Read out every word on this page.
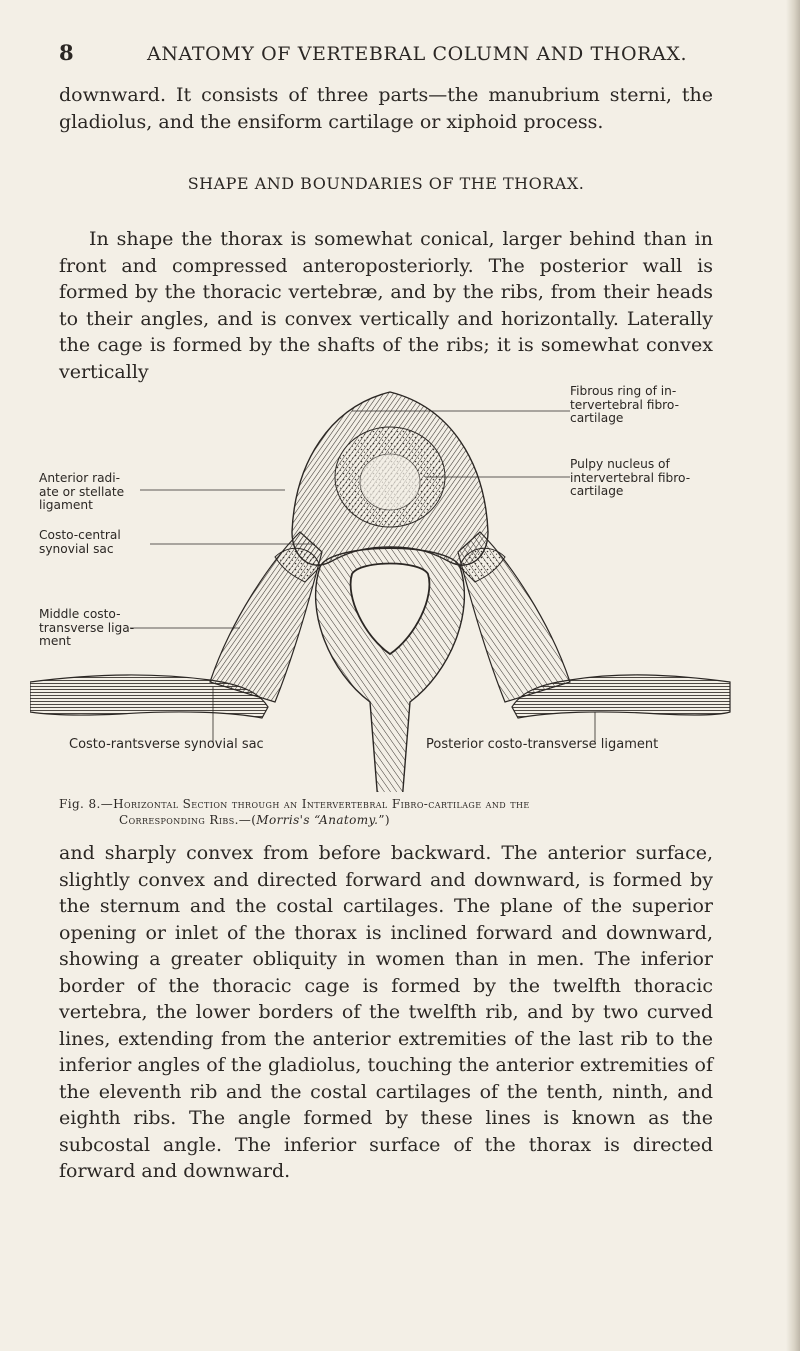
8	ANATOMY OF VERTEBRAL COLUMN AND THORAX.

downward. It consists of three parts—the manubrium sterni, the gladiolus, and the ensiform cartilage or xiphoid process.

SHAPE AND BOUNDARIES OF THE THORAX.

In shape the thorax is somewhat conical, larger behind than in front and compressed anteroposteriorly. The posterior wall is formed by the thoracic vertebræ, and by the ribs, from their heads to their angles, and is convex vertically and horizontally. Laterally the cage is formed by the shafts of the ribs; it is somewhat convex vertically

Fibrous ring of in-
tervertebral fibro-
cartilage
Pulpy nucleus of
intervertebral fibro-
cartilage
Anterior radi-
ate or stellate
ligament
Costo-central
synovial sac
Middle costo-
transverse liga-
ment
Costo-rantsverse synovial sac	Posterior costo-transverse ligament
Fig. 8.—Horizontal Section through an Intervertebral Fibro-cartilage and the
Corresponding Ribs.—(Morris's “Anatomy.”)

and sharply convex from before backward. The anterior surface, slightly convex and directed forward and downward, is formed by the sternum and the costal cartilages. The plane of the superior opening or inlet of the thorax is inclined forward and downward, showing a greater obliquity in women than in men. The inferior border of the thoracic cage is formed by the twelfth thoracic vertebra, the lower borders of the twelfth rib, and by two curved lines, extending from the anterior extremities of the last rib to the inferior angles of the gladiolus, touching the anterior extremities of the eleventh rib and the costal cartilages of the tenth, ninth, and eighth ribs. The angle formed by these lines is known as the subcostal angle. The inferior surface of the thorax is directed forward and downward.
